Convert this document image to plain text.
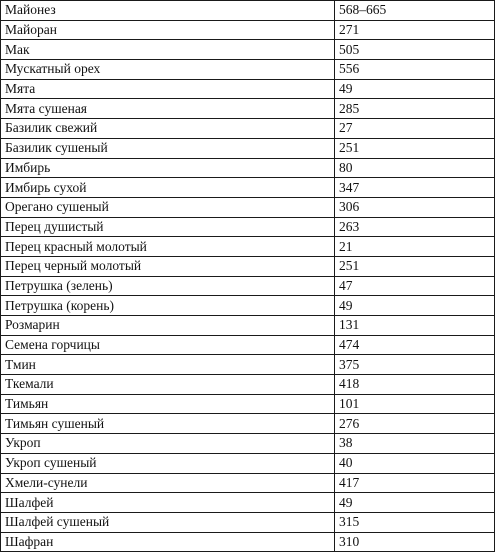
Майонез	568–665
Майоран	271
Мак	505
Мускатный орех	556
Мята	49
Мята сушеная	285
Базилик свежий	27
Базилик сушеный	251
Имбирь	80
Имбирь сухой	347
Орегано сушеный	306
Перец душистый	263
Перец красный молотый	21
Перец черный молотый	251
Петрушка (зелень)	47
Петрушка (корень)	49
Розмарин	131
Семена горчицы	474
Тмин	375
Ткемали	418
Тимьян	101
Тимьян сушеный	276
Укроп	38
Укроп сушеный	40
Хмели-сунели	417
Шалфей	49
Шалфей сушеный	315
Шафран	310
